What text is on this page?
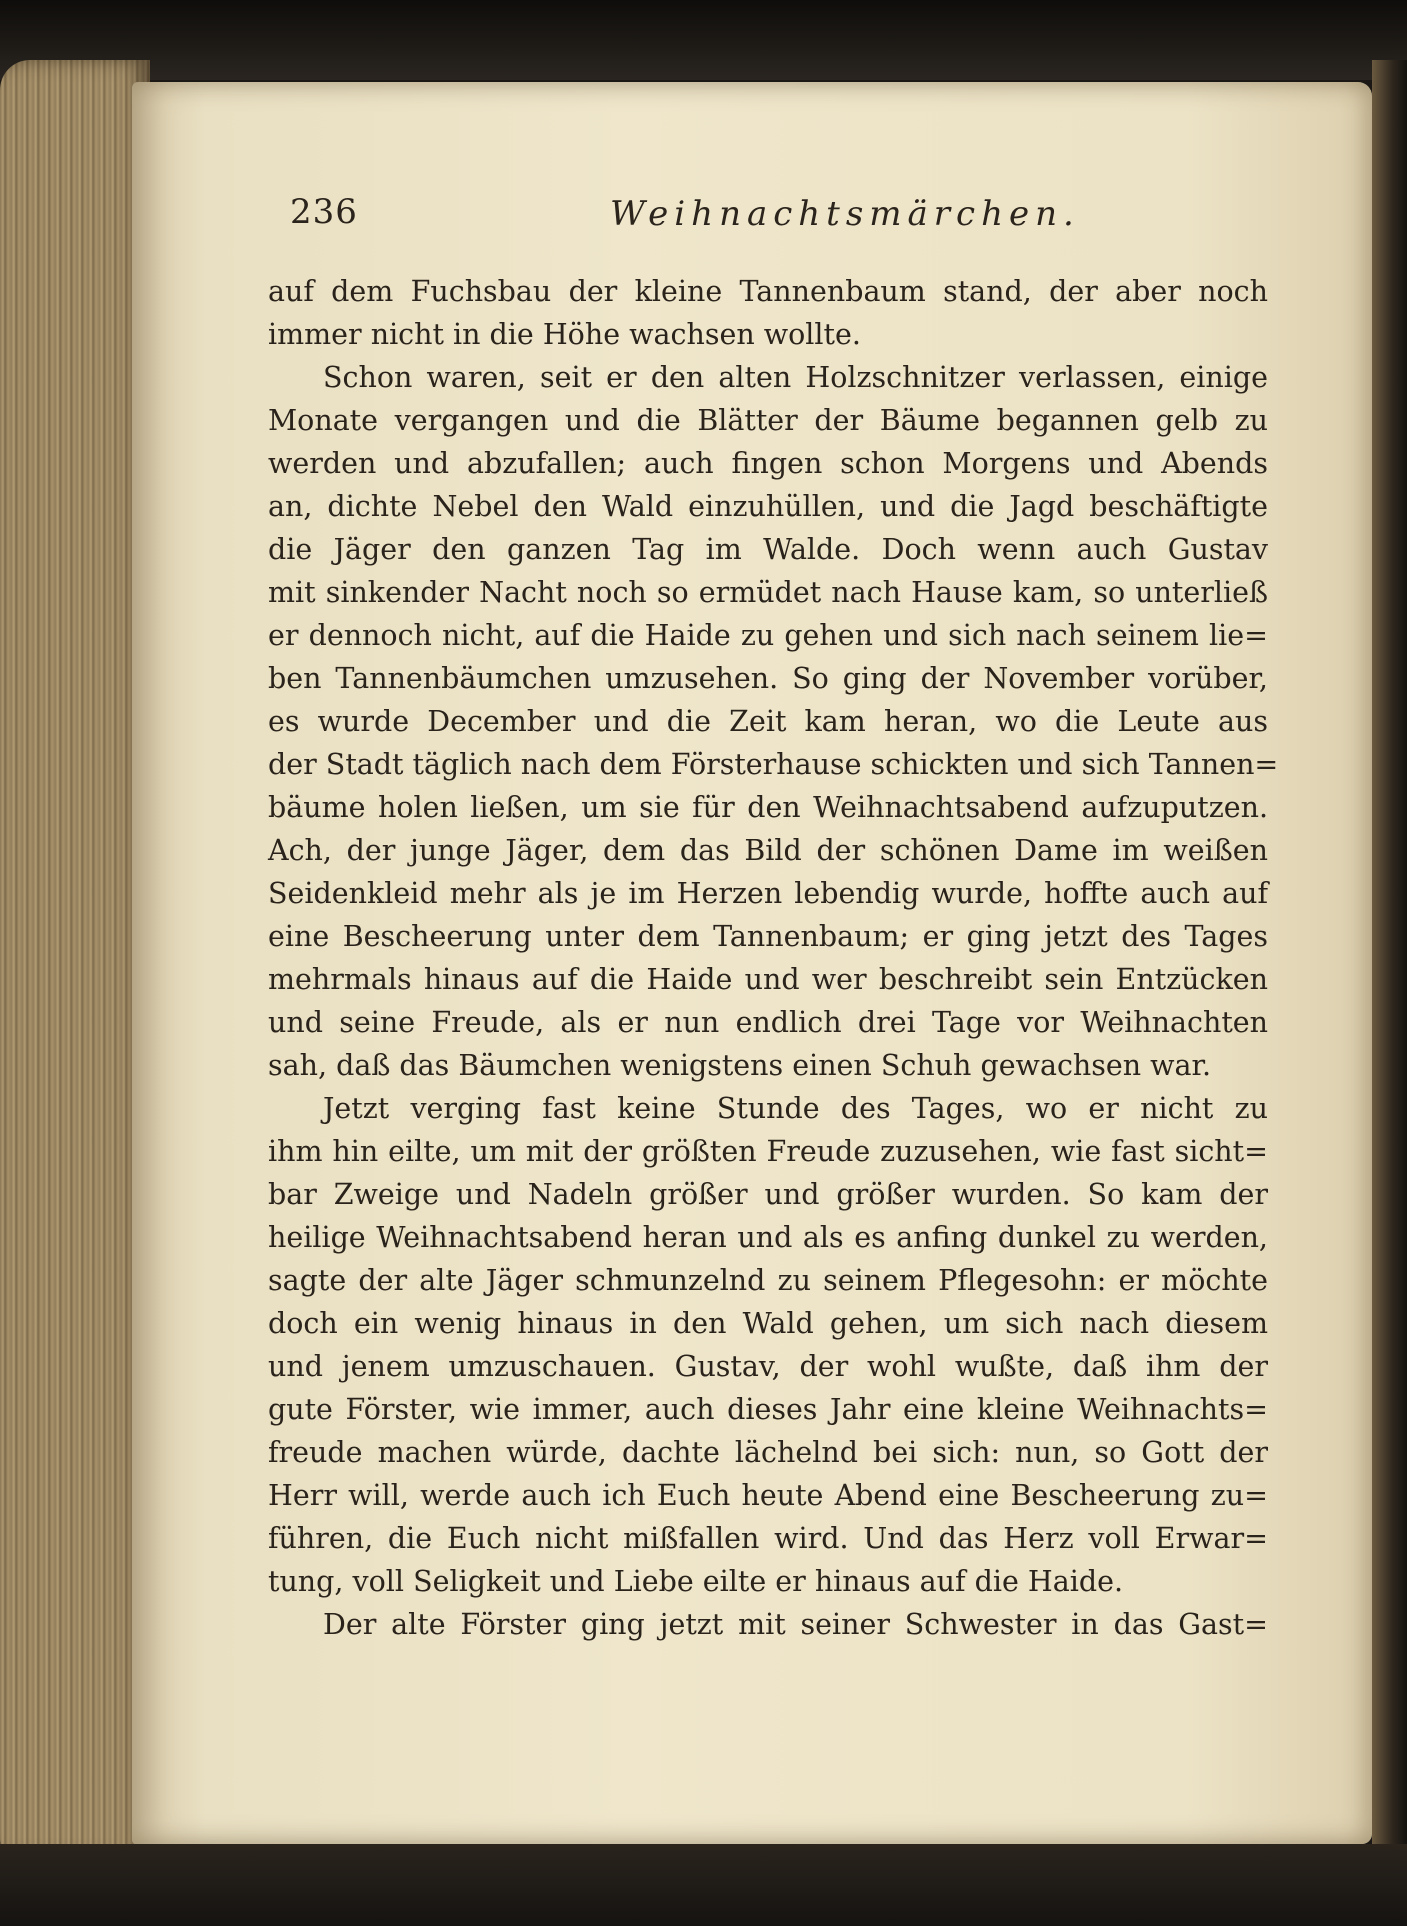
236	Weihnachtsmärchen.
auf dem Fuchsbau der kleine Tannenbaum stand, der aber noch
immer nicht in die Höhe wachsen wollte.
Schon waren, seit er den alten Holzschnitzer verlassen, einige
Monate vergangen und die Blätter der Bäume begannen gelb zu
werden und abzufallen; auch fingen schon Morgens und Abends
an, dichte Nebel den Wald einzuhüllen, und die Jagd beschäftigte
die Jäger den ganzen Tag im Walde. Doch wenn auch Gustav
mit sinkender Nacht noch so ermüdet nach Hause kam, so unterließ
er dennoch nicht, auf die Haide zu gehen und sich nach seinem lie=
ben Tannenbäumchen umzusehen. So ging der November vorüber,
es wurde December und die Zeit kam heran, wo die Leute aus
der Stadt täglich nach dem Försterhause schickten und sich Tannen=
bäume holen ließen, um sie für den Weihnachtsabend aufzuputzen.
Ach, der junge Jäger, dem das Bild der schönen Dame im weißen
Seidenkleid mehr als je im Herzen lebendig wurde, hoffte auch auf
eine Bescheerung unter dem Tannenbaum; er ging jetzt des Tages
mehrmals hinaus auf die Haide und wer beschreibt sein Entzücken
und seine Freude, als er nun endlich drei Tage vor Weihnachten
sah, daß das Bäumchen wenigstens einen Schuh gewachsen war.
Jetzt verging fast keine Stunde des Tages, wo er nicht zu
ihm hin eilte, um mit der größten Freude zuzusehen, wie fast sicht=
bar Zweige und Nadeln größer und größer wurden. So kam der
heilige Weihnachtsabend heran und als es anfing dunkel zu werden,
sagte der alte Jäger schmunzelnd zu seinem Pflegesohn: er möchte
doch ein wenig hinaus in den Wald gehen, um sich nach diesem
und jenem umzuschauen. Gustav, der wohl wußte, daß ihm der
gute Förster, wie immer, auch dieses Jahr eine kleine Weihnachts=
freude machen würde, dachte lächelnd bei sich: nun, so Gott der
Herr will, werde auch ich Euch heute Abend eine Bescheerung zu=
führen, die Euch nicht mißfallen wird. Und das Herz voll Erwar=
tung, voll Seligkeit und Liebe eilte er hinaus auf die Haide.
Der alte Förster ging jetzt mit seiner Schwester in das Gast=
